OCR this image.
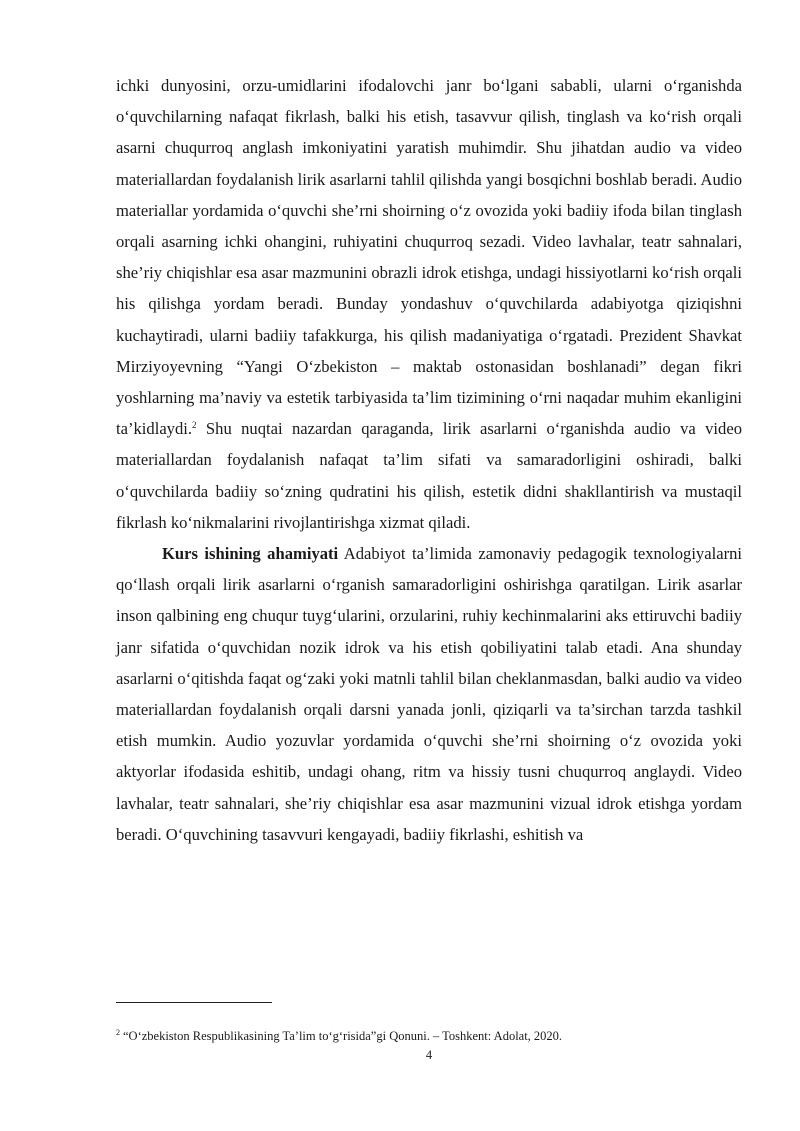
ichki dunyosini, orzu-umidlarini ifodalovchi janr bo‘lgani sababli, ularni o‘rganishda o‘quvchilarning nafaqat fikrlash, balki his etish, tasavvur qilish, tinglash va ko‘rish orqali asarni chuqurroq anglash imkoniyatini yaratish muhimdir. Shu jihatdan audio va video materiallardan foydalanish lirik asarlarni tahlil qilishda yangi bosqichni boshlab beradi. Audio materiallar yordamida o‘quvchi she’rni shoirning o‘z ovozida yoki badiiy ifoda bilan tinglash orqali asarning ichki ohangini, ruhiyatini chuqurroq sezadi. Video lavhalar, teatr sahnalari, she’riy chiqishlar esa asar mazmunini obrazli idrok etishga, undagi hissiyotlarni ko‘rish orqali his qilishga yordam beradi. Bunday yondashuv o‘quvchilarda adabiyotga qiziqishni kuchaytiradi, ularni badiiy tafakkurga, his qilish madaniyatiga o‘rgatadi. Prezident Shavkat Mirziyoyevning “Yangi O‘zbekiston – maktab ostonasidan boshlanadi” degan fikri yoshlarning ma’naviy va estetik tarbiyasida ta’lim tizimining o‘rni naqadar muhim ekanligini ta’kidlaydi.$^2$ Shu nuqtai nazardan qaraganda, lirik asarlarni o‘rganishda audio va video materiallardan foydalanish nafaqat ta’lim sifati va samaradorligini oshiradi, balki o‘quvchilarda badiiy so‘zning qudratini his qilish, estetik didni shakllantirish va mustaqil fikrlash ko‘nikmalarini rivojlantirishga xizmat qiladi.

Kurs ishining ahamiyati Adabiyot ta’limida zamonaviy pedagogik texnologiyalarni qo‘llash orqali lirik asarlarni o‘rganish samaradorligini oshirishga qaratilgan. Lirik asarlar inson qalbining eng chuqur tuyg‘ularini, orzularini, ruhiy kechinmalarini aks ettiruvchi badiiy janr sifatida o‘quvchidan nozik idrok va his etish qobiliyatini talab etadi. Ana shunday asarlarni o‘qitishda faqat og‘zaki yoki matnli tahlil bilan cheklanmasdan, balki audio va video materiallardan foydalanish orqali darsni yanada jonli, qiziqarli va ta’sirchan tarzda tashkil etish mumkin. Audio yozuvlar yordamida o‘quvchi she’rni shoirning o‘z ovozida yoki aktyorlar ifodasida eshitib, undagi ohang, ritm va hissiy tusni chuqurroq anglaydi. Video lavhalar, teatr sahnalari, she’riy chiqishlar esa asar mazmunini vizual idrok etishga yordam beradi. O‘quvchining tasavvuri kengayadi, badiiy fikrlashi, eshitish va

$^2$ “O‘zbekiston Respublikasining Ta’lim to‘g‘risida”gi Qonuni. – Toshkent: Adolat, 2020.
4
